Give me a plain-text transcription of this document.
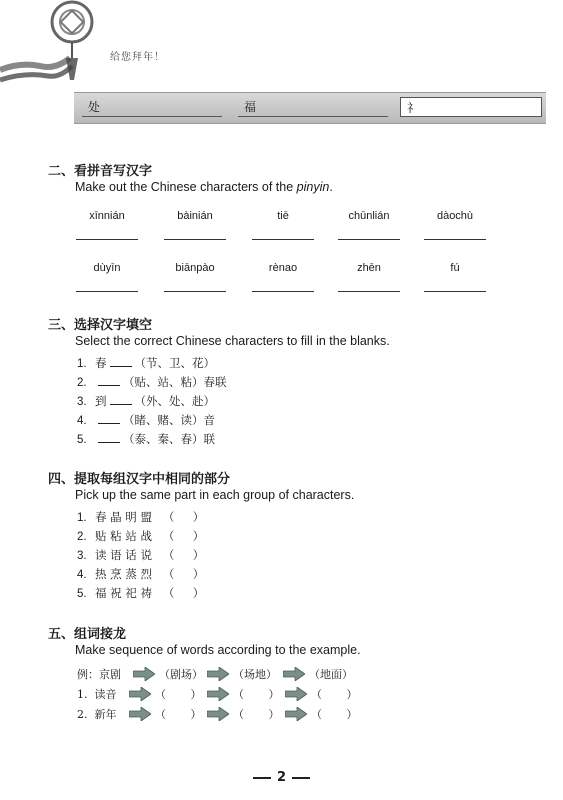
给您拜年！
处	福	礻
二、看拼音写汉字
Make out the Chinese characters of the pinyin.
xīnnián	bàinián	tiē	chūnlián	dàochù
dùyīn	biānpào	rènao	zhēn	fú
三、选择汉字填空
Select the correct Chinese characters to fill in the blanks.
1. 春 （节、卫、花）
2.	（贴、站、粘）春联
3. 到 （外、处、赴）
4.	（睹、赌、读）音
5.	（泰、秦、春）联
四、提取每组汉字中相同的部分
Pick up the same part in each group of characters.
1. 春 晶 明 盟   （     ）
2. 贴 粘 站 战   （     ）
3. 读 语 话 说   （     ）
4. 热 烹 蒸 烈   （     ）
5. 福 祝 祀 祷   （     ）
五、组词接龙
Make sequence of words according to the example.
例：京剧	（剧场）	（场地）	（地面）
1.  读音	（       ）	（       ）	（       ）
2.  新年	（       ）	（       ）	（       ）
2
